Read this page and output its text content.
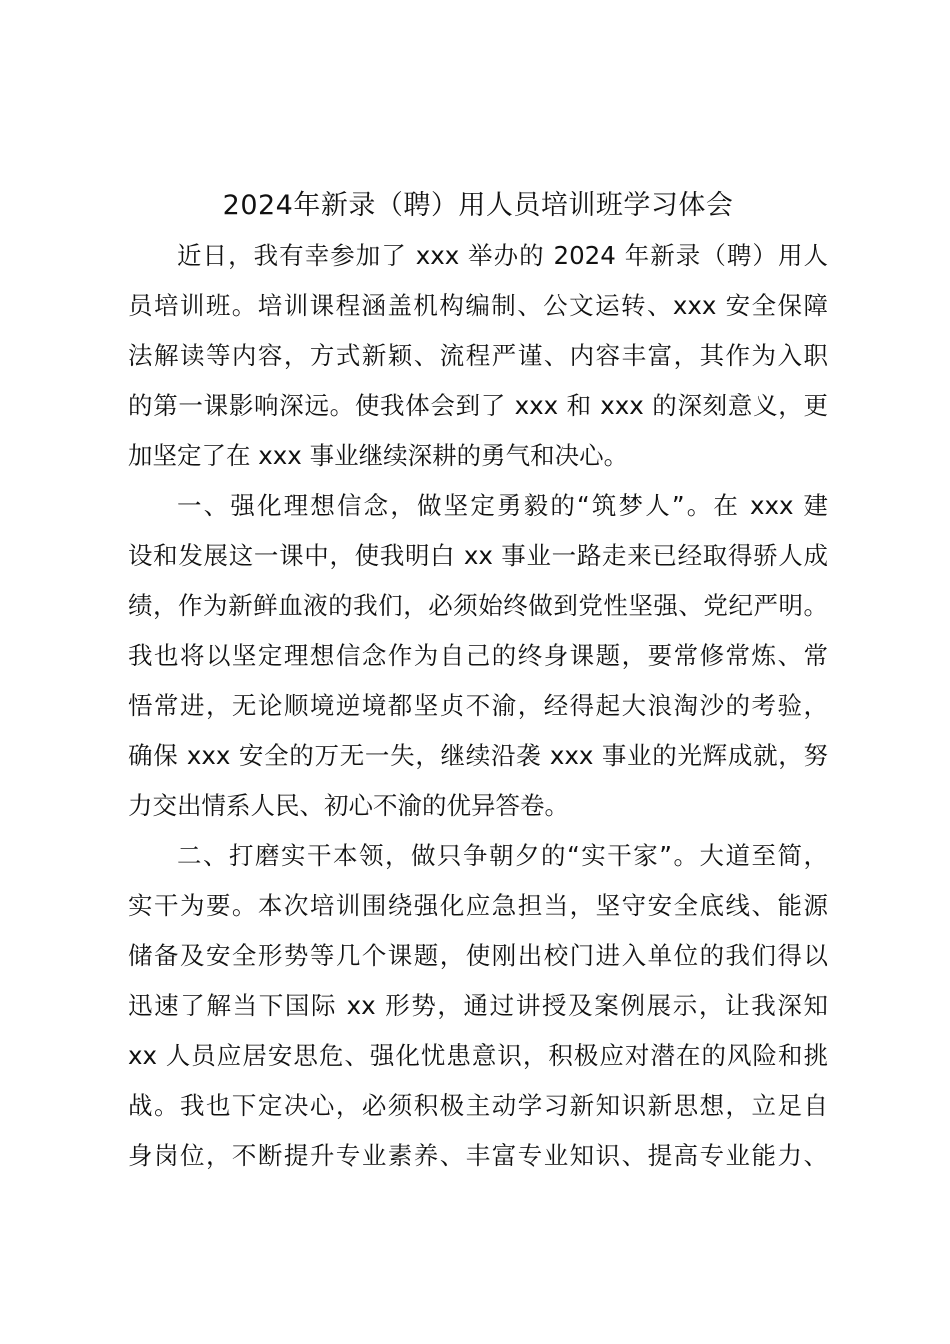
2024年新录（聘）用人员培训班学习体会
近日，我有幸参加了 xxx 举办的 2024 年新录（聘）用人
员培训班。培训课程涵盖机构编制、公文运转、xxx 安全保障
法解读等内容，方式新颖、流程严谨、内容丰富，其作为入职
的第一课影响深远。使我体会到了 xxx 和 xxx 的深刻意义，更
加坚定了在 xxx 事业继续深耕的勇气和决心。
一、强化理想信念，做坚定勇毅的“筑梦人”。在 xxx 建
设和发展这一课中，使我明白 xx 事业一路走来已经取得骄人成
绩，作为新鲜血液的我们，必须始终做到党性坚强、党纪严明。
我也将以坚定理想信念作为自己的终身课题，要常修常炼、常
悟常进，无论顺境逆境都坚贞不渝，经得起大浪淘沙的考验，
确保 xxx 安全的万无一失，继续沿袭 xxx 事业的光辉成就，努
力交出情系人民、初心不渝的优异答卷。
二、打磨实干本领，做只争朝夕的“实干家”。大道至简，
实干为要。本次培训围绕强化应急担当，坚守安全底线、能源
储备及安全形势等几个课题，使刚出校门进入单位的我们得以
迅速了解当下国际 xx 形势，通过讲授及案例展示，让我深知
xx 人员应居安思危、强化忧患意识，积极应对潜在的风险和挑
战。我也下定决心，必须积极主动学习新知识新思想，立足自
身岗位，不断提升专业素养、丰富专业知识、提高专业能力、
